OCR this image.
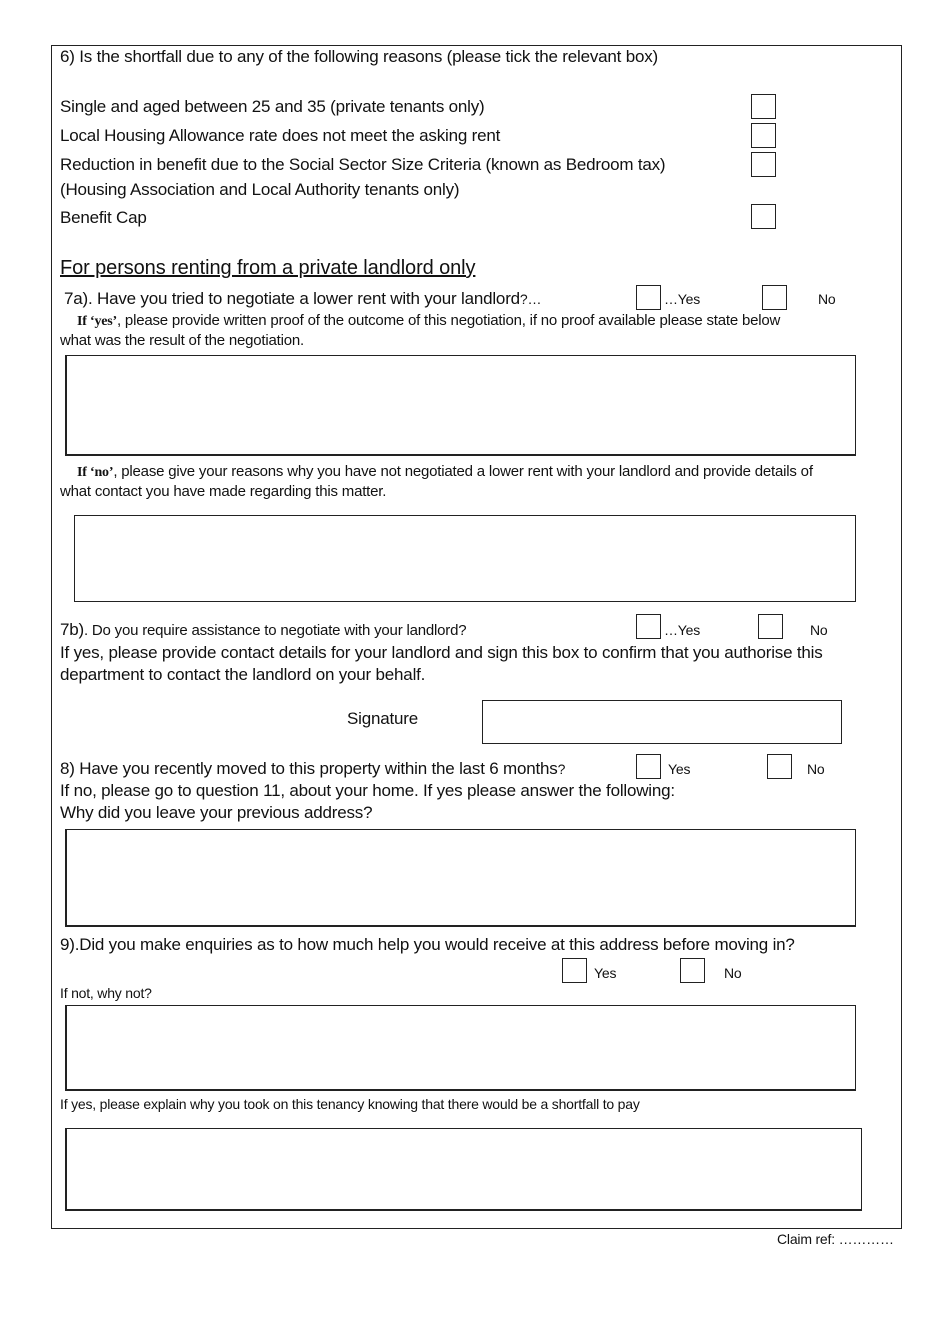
6) Is the shortfall due to any of the following reasons (please tick the relevant box)
Single and aged between 25 and 35 (private tenants only)
Local Housing Allowance rate does not meet the asking rent
Reduction in benefit due to the Social Sector Size Criteria (known as Bedroom tax)
(Housing Association and Local Authority tenants only)
Benefit Cap
For persons renting from a private landlord only
7a). Have you tried to negotiate a lower rent with your landlord?…	…Yes	No
If ‘yes’, please provide written proof of the outcome of this negotiation, if no proof available please state below
what was the result of the negotiation.
If ‘no’, please give your reasons why you have not negotiated a lower rent with your landlord and provide details of
what contact you have made regarding this matter.
7b). Do you require assistance to negotiate with your landlord?	…Yes	No
If yes, please provide contact details for your landlord and sign this box to confirm that you authorise this
department to contact the landlord on your behalf.
Signature
8) Have you recently moved to this property within the last 6 months?	Yes	No
If no, please go to question 11, about your home. If yes please answer the following:
Why did you leave your previous address?
9).Did you make enquiries as to how much help you would receive at this address before moving in?
Yes	No
If not, why not?
If yes, please explain why you took on this tenancy knowing that there would be a shortfall to pay
Claim ref: …………
